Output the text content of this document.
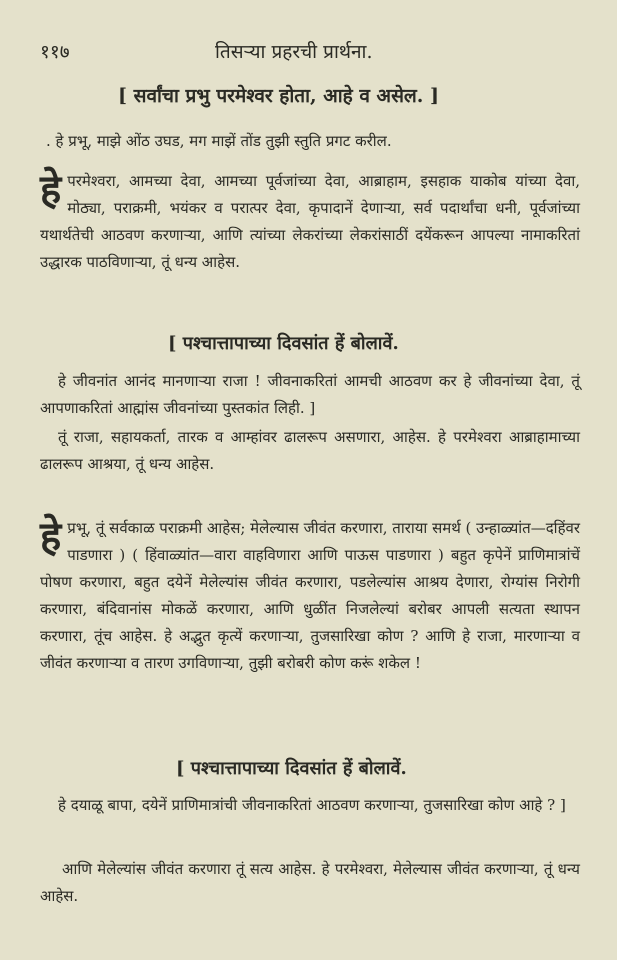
११७	तिसऱ्या प्रहरची प्रार्थना.
[ सर्वांचा प्रभु परमेश्वर होता, आहे व असेल. ]
. हे प्रभू, माझे ओंठ उघड, मग माझें तोंड तुझी स्तुति प्रगट करील.
हे परमेश्वरा, आमच्या देवा, आमच्या पूर्वजांच्या देवा, आब्राहाम, इसहाक याकोब यांच्या देवा, मोठ्या, पराक्रमी, भयंकर व परात्पर देवा, कृपादानें देणाऱ्या, सर्व पदार्थांचा धनी, पूर्वजांच्या यथार्थतेची आठवण करणाऱ्या, आणि त्यांच्या लेकरांच्या लेकरांसाठीं दयेंकरून आपल्या नामाकरितां उद्धारक पाठविणाऱ्या, तूं धन्य आहेस.
[ पश्चात्तापाच्या दिवसांत हें बोलावें.
हे जीवनांत आनंद मानणाऱ्या राजा ! जीवनाकरितां आमची आठवण कर हे जीवनांच्या देवा, तूं आपणाकरितां आह्मांस जीवनांच्या पुस्तकांत लिही. ]
तूं राजा, सहायकर्ता, तारक व आम्हांवर ढालरूप असणारा, आहेस. हे परमेश्वरा आब्राहामाच्या ढालरूप आश्रया, तूं धन्य आहेस.
हे प्रभू, तूं सर्वकाळ पराक्रमी आहेस; मेलेल्यास जीवंत करणारा, ताराया समर्थ ( उन्हाळ्यांत—दहिंवर पाडणारा ) ( हिंवाळ्यांत—वारा वाहविणारा आणि पाऊस पाडणारा ) बहुत कृपेनें प्राणिमात्रांचें पोषण करणारा, बहुत दयेनें मेलेल्यांस जीवंत करणारा, पडलेल्यांस आश्रय देणारा, रोग्यांस निरोगी करणारा, बंदिवानांस मोकळें करणारा, आणि धुळींत निजलेल्यां बरोबर आपली सत्यता स्थापन करणारा, तूंच आहेस. हे अद्भुत कृत्यें करणाऱ्या, तुजसारिखा कोण ? आणि हे राजा, मारणाऱ्या व जीवंत करणाऱ्या व तारण उगविणाऱ्या, तुझी बरोबरी कोण करूं शकेल !
[ पश्चात्तापाच्या दिवसांत हें बोलावें.
हे दयाळू बापा, दयेनें प्राणिमात्रांची जीवनाकरितां आठवण करणाऱ्या, तुजसारिखा कोण आहे ? ]
आणि मेलेल्यांस जीवंत करणारा तूं सत्य आहेस. हे परमेश्वरा, मेलेल्यास जीवंत करणाऱ्या, तूं धन्य आहेस.
